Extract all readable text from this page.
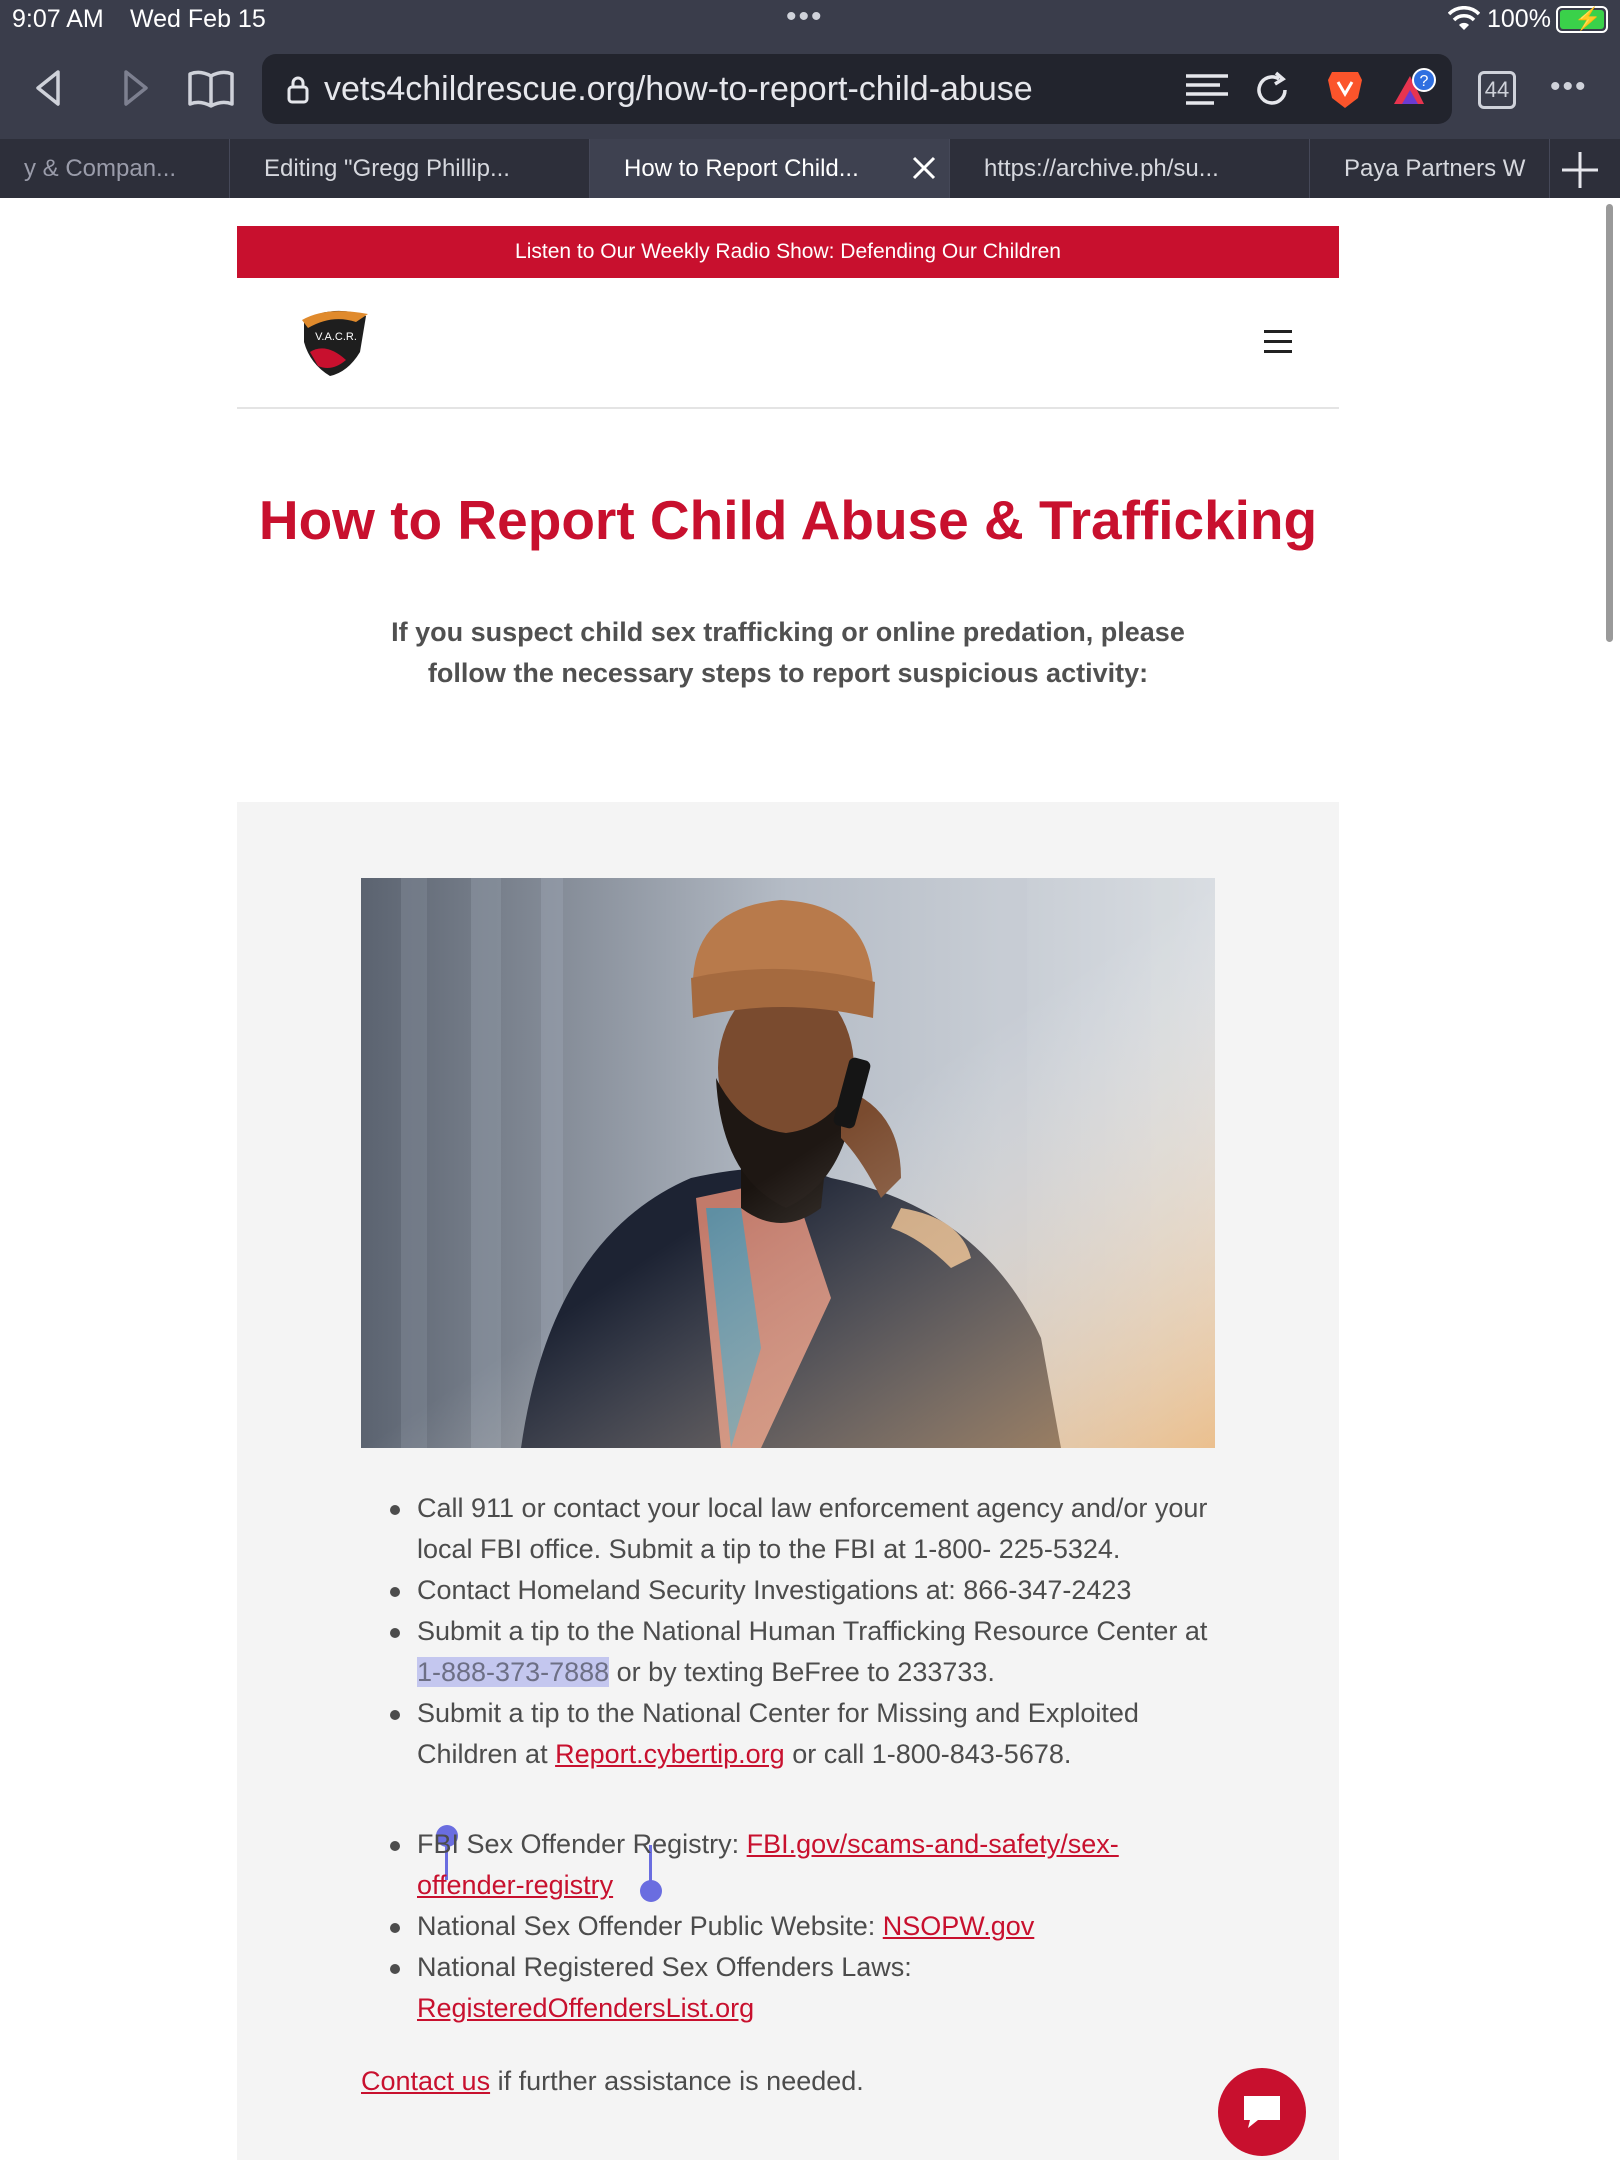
9:07 AM Wed Feb 15	•••	100% ⚡
vets4childrescue.org/how-to-report-child-abuse	?	44 •••
y & Compan...	Editing "Gregg Phillip...	How to Report Child...	https://archive.ph/su...	Paya Partners W
Listen to Our Weekly Radio Show: Defending Our Children
V.A.C.R.
How to Report Child Abuse & Trafficking

If you suspect child sex trafficking or online predation, please follow the necessary steps to report suspicious activity:

Call 911 or contact your local law enforcement agency and/or your local FBI office. Submit a tip to the FBI at 1-800- 225-5324.
Contact Homeland Security Investigations at: 866-347-2423
Submit a tip to the National Human Trafficking Resource Center at 1-888-373-7888 or by texting BeFree to 233733.
Submit a tip to the National Center for Missing and Exploited Children at Report.cybertip.org or call 1-800-843-5678.
FBI Sex Offender Registry: FBI.gov/scams-and-safety/sex-offender-registry
National Sex Offender Public Website: NSOPW.gov
National Registered Sex Offenders Laws: RegisteredOffendersList.org

Contact us if further assistance is needed.
